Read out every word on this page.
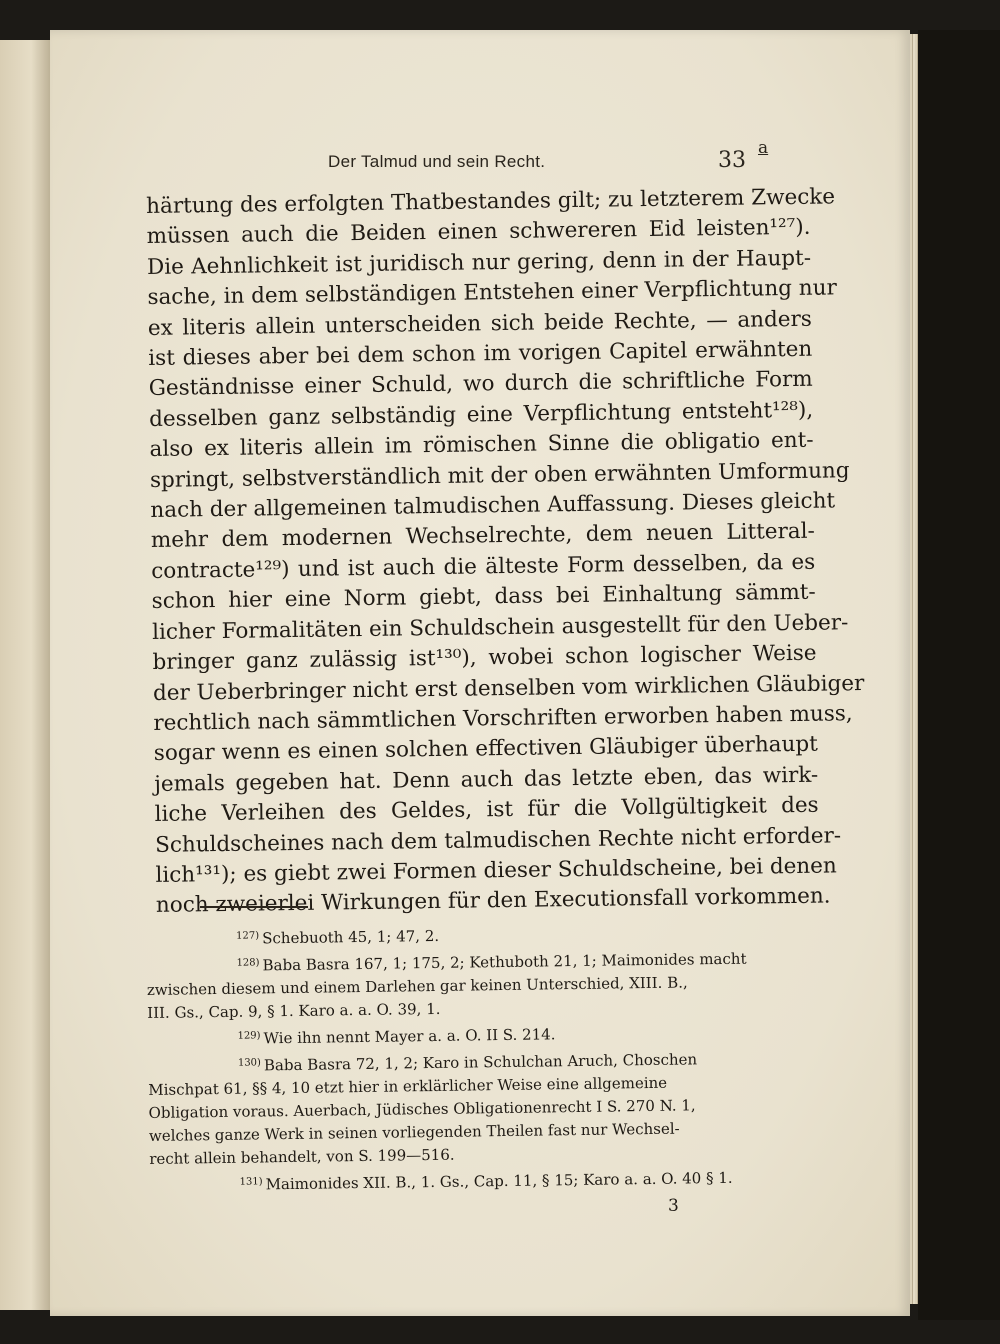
Der Talmud und sein Recht.	33 a
härtung des erfolgten Thatbestandes gilt; zu letzterem Zwecke
müssen auch die Beiden einen schwereren Eid leisten¹²⁷).
Die Aehnlichkeit ist juridisch nur gering, denn in der Haupt-
sache, in dem selbständigen Entstehen einer Verpflichtung nur
ex literis allein unterscheiden sich beide Rechte, — anders
ist dieses aber bei dem schon im vorigen Capitel erwähnten
Geständnisse einer Schuld, wo durch die schriftliche Form
desselben ganz selbständig eine Verpflichtung entsteht¹²⁸),
also ex literis allein im römischen Sinne die obligatio ent-
springt, selbstverständlich mit der oben erwähnten Umformung
nach der allgemeinen talmudischen Auffassung. Dieses gleicht
mehr dem modernen Wechselrechte, dem neuen Litteral-
contracte¹²⁹) und ist auch die älteste Form desselben, da es
schon hier eine Norm giebt, dass bei Einhaltung sämmt-
licher Formalitäten ein Schuldschein ausgestellt für den Ueber-
bringer ganz zulässig ist¹³⁰), wobei schon logischer Weise
der Ueberbringer nicht erst denselben vom wirklichen Gläubiger
rechtlich nach sämmtlichen Vorschriften erworben haben muss,
sogar wenn es einen solchen effectiven Gläubiger überhaupt
jemals gegeben hat. Denn auch das letzte eben, das wirk-
liche Verleihen des Geldes, ist für die Vollgültigkeit des
Schuldscheines nach dem talmudischen Rechte nicht erforder-
lich¹³¹); es giebt zwei Formen dieser Schuldscheine, bei denen
noch zweierlei Wirkungen für den Executionsfall vorkommen.
$^{127)}$ Schebuoth 45, 1; 47, 2.
$^{128)}$ Baba Basra 167, 1; 175, 2; Kethuboth 21, 1; Maimonides macht
zwischen diesem und einem Darlehen gar keinen Unterschied, XIII. B.,
III. Gs., Cap. 9, § 1. Karo a. a. O. 39, 1.
$^{129)}$ Wie ihn nennt Mayer a. a. O. II S. 214.
$^{130)}$ Baba Basra 72, 1, 2; Karo in Schulchan Aruch, Choschen
Mischpat 61, §§ 4, 10 etzt hier in erklärlicher Weise eine allgemeine
Obligation voraus. Auerbach, Jüdisches Obligationenrecht I S. 270 N. 1,
welches ganze Werk in seinen vorliegenden Theilen fast nur Wechsel-
recht allein behandelt, von S. 199—516.
$^{131)}$ Maimonides XII. B., 1. Gs., Cap. 11, § 15; Karo a. a. O. 40 § 1.
3
